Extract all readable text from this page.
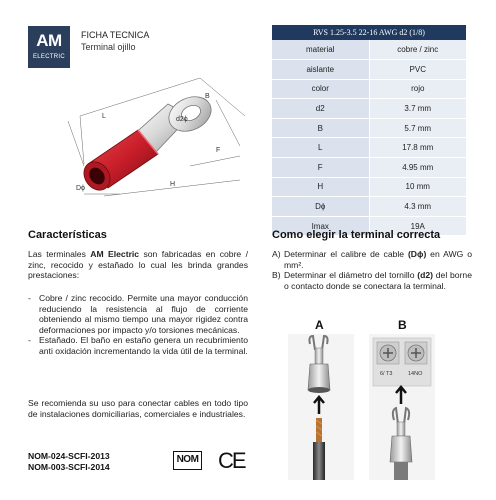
AM
ELECTRIC
FICHA TECNICA
Terminal ojillo
B
d2ϕ
L
F
H
Dϕ
RVS 1.25-3.5 22-16 AWG d2 (1/8)	
material	cobre / zinc
aislante	PVC
color	rojo
d2	3.7 mm
B	5.7 mm
L	17.8 mm
F	4.95 mm
H	10 mm
Dϕ	4.3 mm
Imax	19A
Características
Las terminales AM Electric son fabricadas en cobre / zinc, recocido y estañado lo cual les brinda grandes prestaciones:
- Cobre / zinc recocido. Permite una mayor conducción reduciendo la resistencia al flujo de corriente obteniendo al mismo tiempo una mayor rigidez contra deformaciones por impacto y/o torsiones mecánicas.
- Estañado. El baño en estaño genera un recubrimiento anti oxidación incrementando la vida útil de la terminal.
Se recomienda su uso para conectar cables en todo tipo de instalaciones domiciliarias, comerciales e industriales.
NOM-024-SCFI-2013
NOM-003-SCFI-2014
NOM CE
Como elegir la terminal correcta
A) Determinar el calibre de cable (Dϕ) en AWG o mm².
B) Determinar el diámetro del tornillo (d2) del borne o contacto donde se conectara la terminal.
A	B
6/ T3	14NO
